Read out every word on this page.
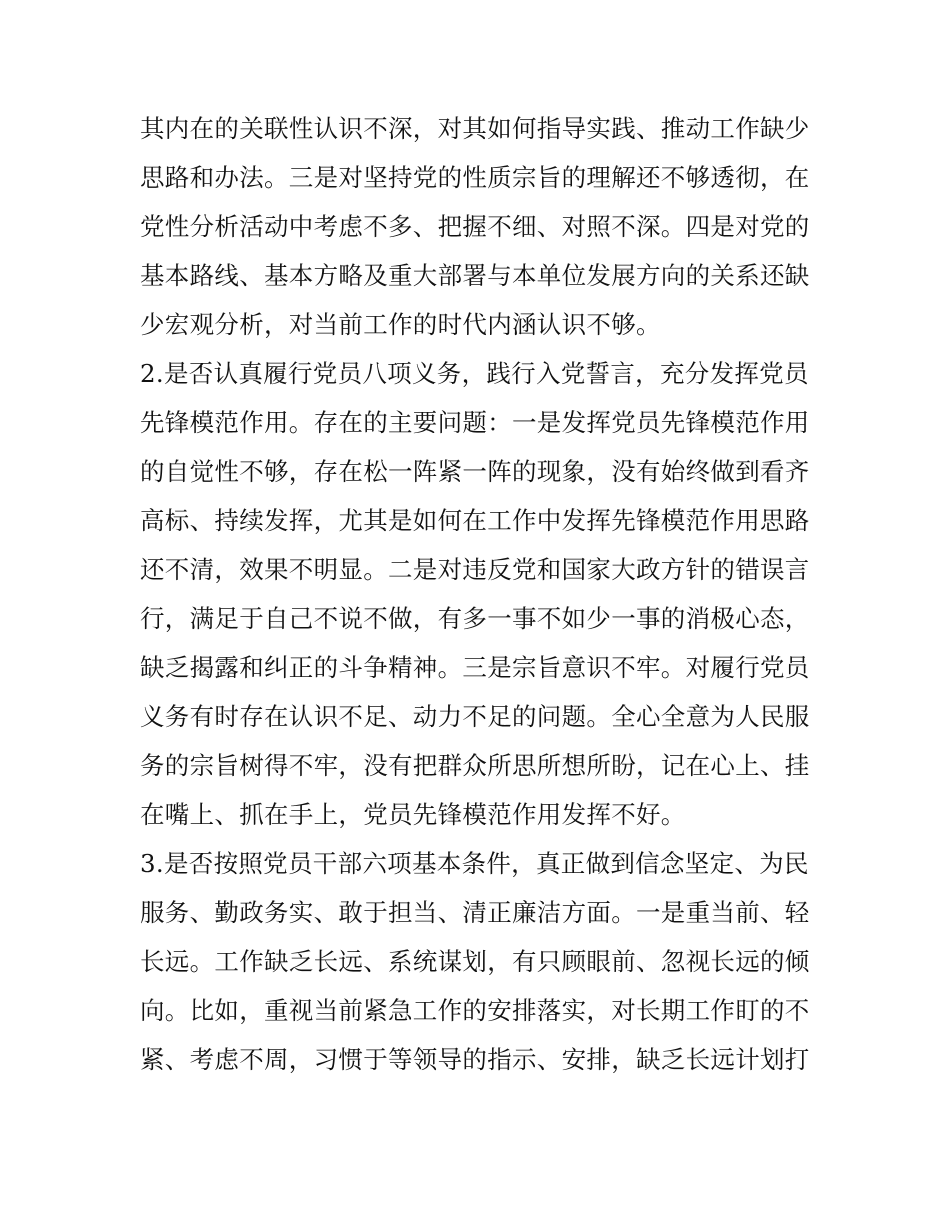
其内在的关联性认识不深，对其如何指导实践、推动工作缺少
思路和办法。三是对坚持党的性质宗旨的理解还不够透彻，在
党性分析活动中考虑不多、把握不细、对照不深。四是对党的
基本路线、基本方略及重大部署与本单位发展方向的关系还缺
少宏观分析，对当前工作的时代内涵认识不够。
2.是否认真履行党员八项义务，践行入党誓言，充分发挥党员
先锋模范作用。存在的主要问题：一是发挥党员先锋模范作用
的自觉性不够，存在松一阵紧一阵的现象，没有始终做到看齐
高标、持续发挥，尤其是如何在工作中发挥先锋模范作用思路
还不清，效果不明显。二是对违反党和国家大政方针的错误言
行，满足于自己不说不做，有多一事不如少一事的消极心态，
缺乏揭露和纠正的斗争精神。三是宗旨意识不牢。对履行党员
义务有时存在认识不足、动力不足的问题。全心全意为人民服
务的宗旨树得不牢，没有把群众所思所想所盼，记在心上、挂
在嘴上、抓在手上，党员先锋模范作用发挥不好。
3.是否按照党员干部六项基本条件，真正做到信念坚定、为民
服务、勤政务实、敢于担当、清正廉洁方面。一是重当前、轻
长远。工作缺乏长远、系统谋划，有只顾眼前、忽视长远的倾
向。比如，重视当前紧急工作的安排落实，对长期工作盯的不
紧、考虑不周，习惯于等领导的指示、安排，缺乏长远计划打
